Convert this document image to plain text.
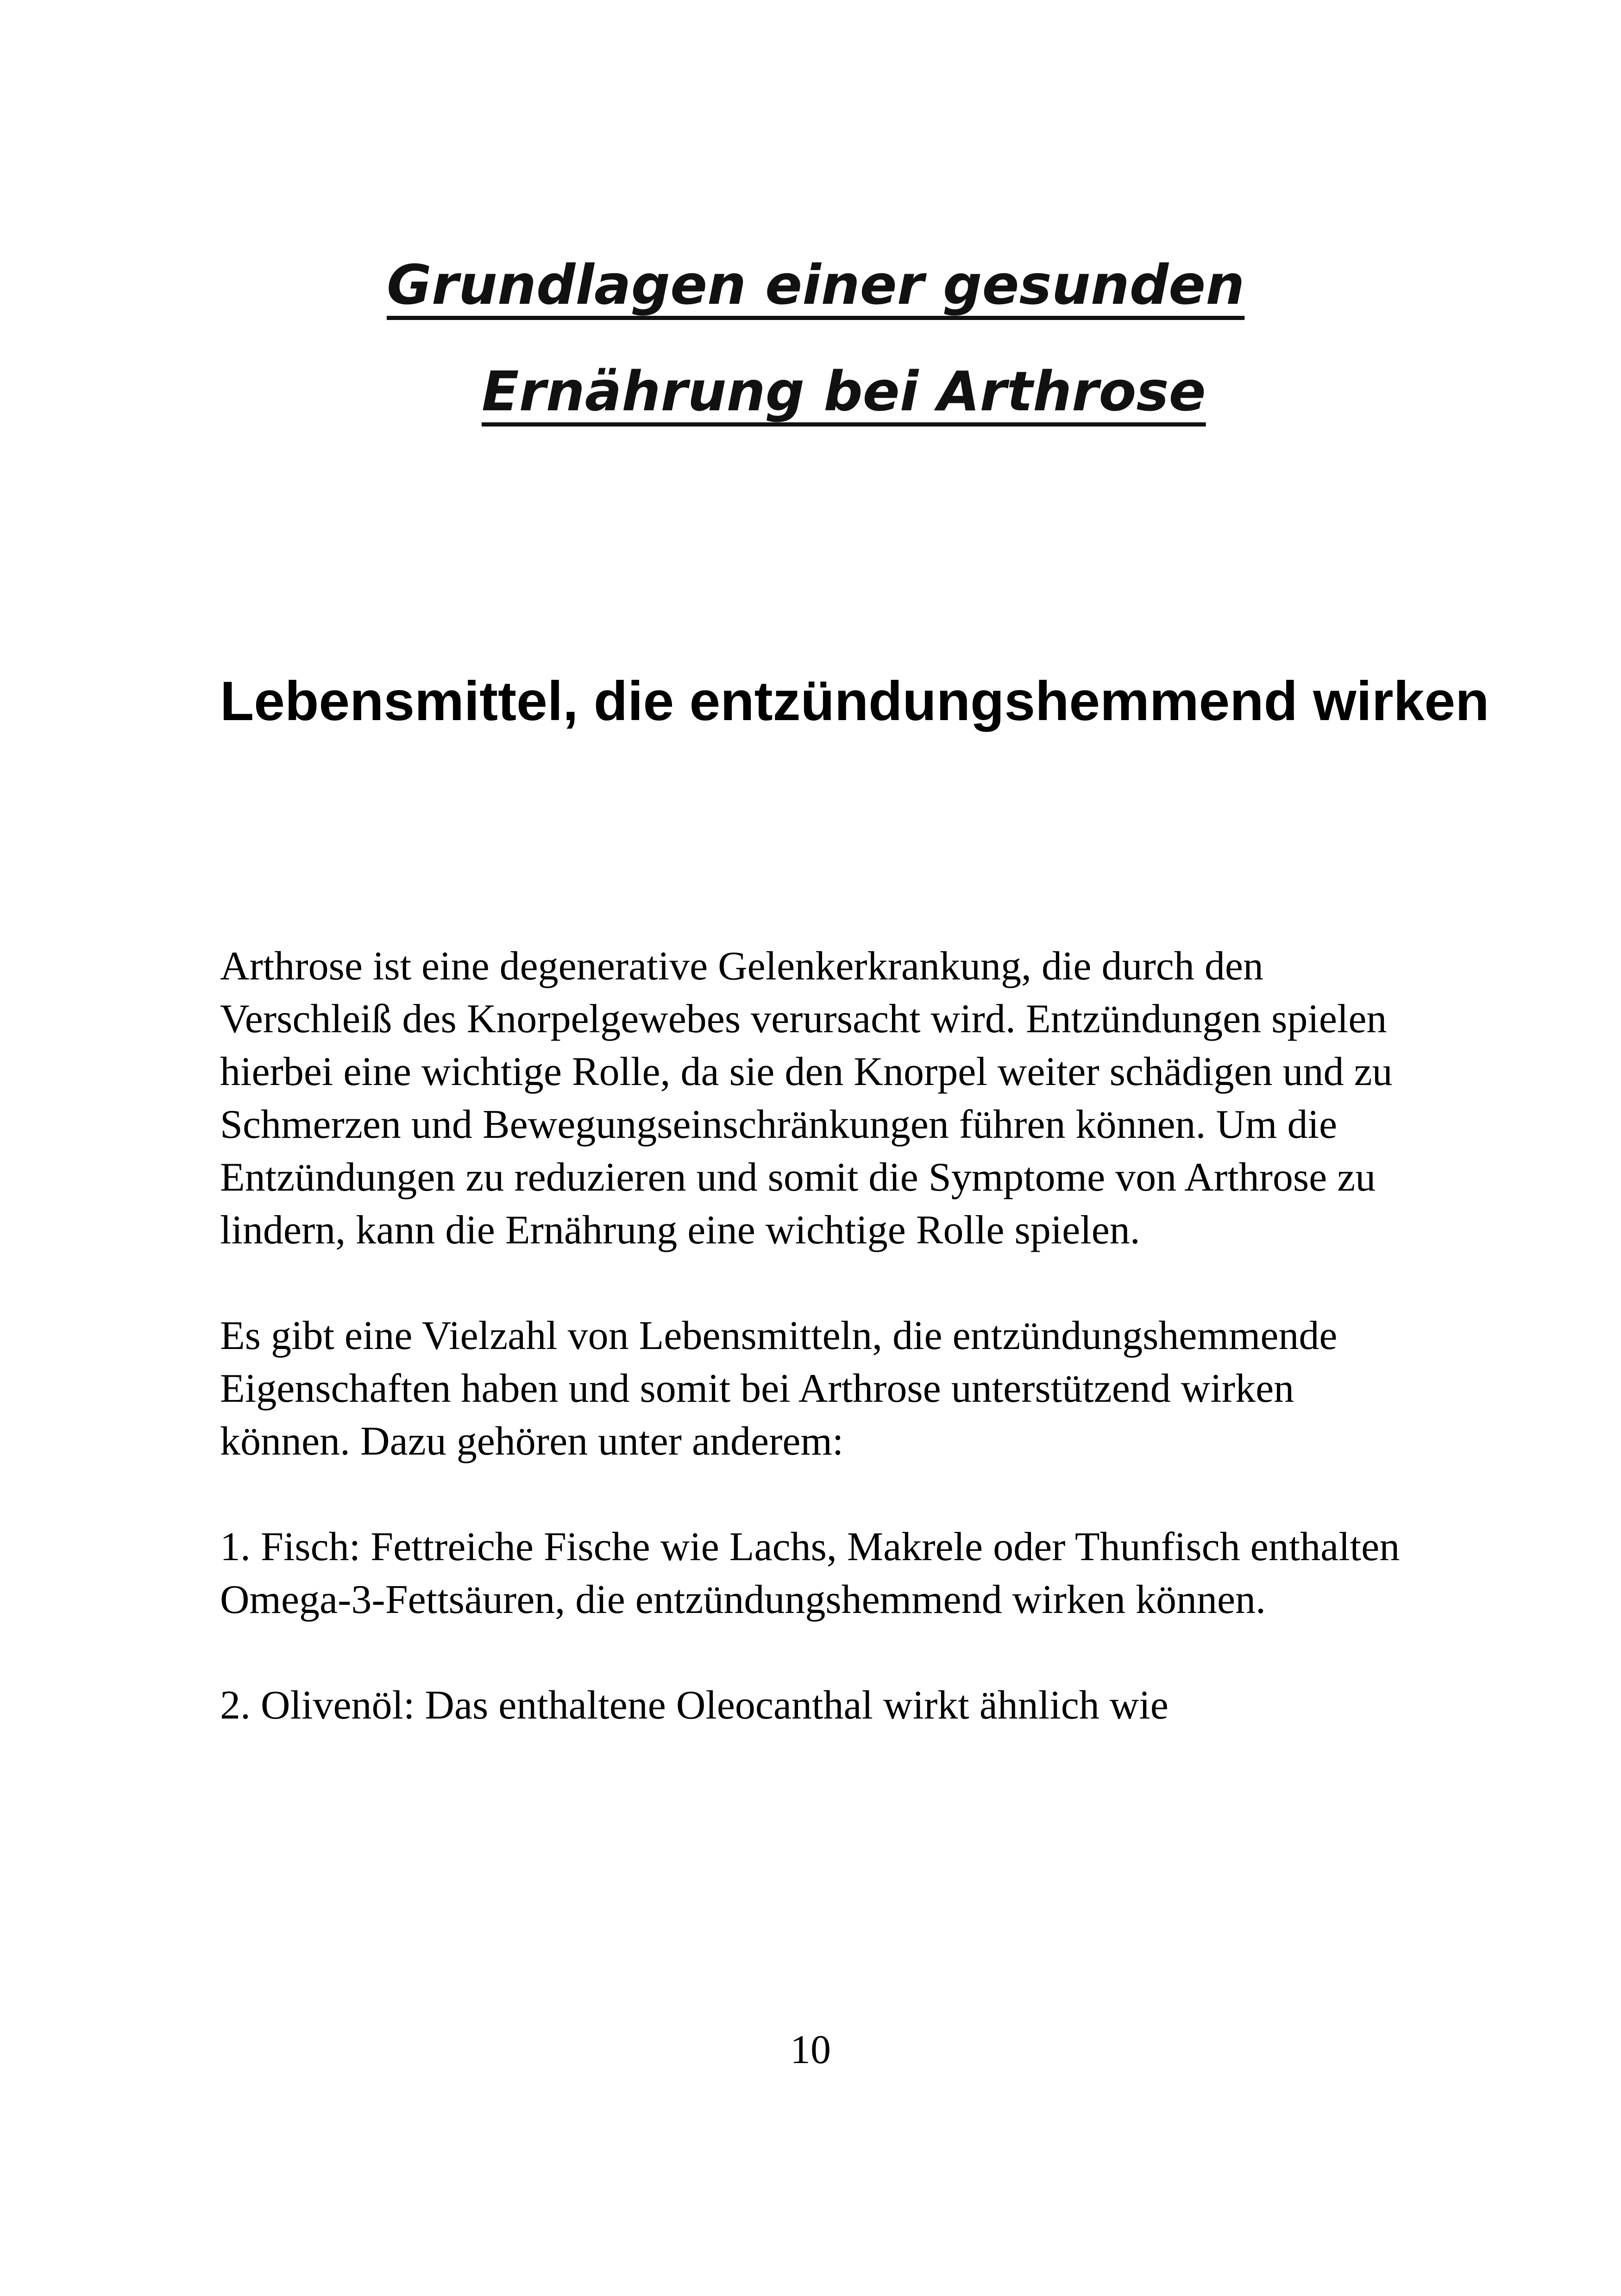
Grundlagen einer gesunden
Ernährung bei Arthrose
Lebensmittel, die entzündungshemmend wirken

Arthrose ist eine degenerative Gelenkerkrankung, die durch den Verschleiß des Knorpelgewebes verursacht wird. Entzündungen spielen hierbei eine wichtige Rolle, da sie den Knorpel weiter schädigen und zu Schmerzen und Bewegungseinschränkungen führen können. Um die Entzündungen zu reduzieren und somit die Symptome von Arthrose zu lindern, kann die Ernährung eine wichtige Rolle spielen.

Es gibt eine Vielzahl von Lebensmitteln, die entzündungshemmende Eigenschaften haben und somit bei Arthrose unterstützend wirken können. Dazu gehören unter anderem:

1. Fisch: Fettreiche Fische wie Lachs, Makrele oder Thunfisch enthalten Omega-3-Fettsäuren, die entzündungshemmend wirken können.

2. Olivenöl: Das enthaltene Oleocanthal wirkt ähnlich wie

10
